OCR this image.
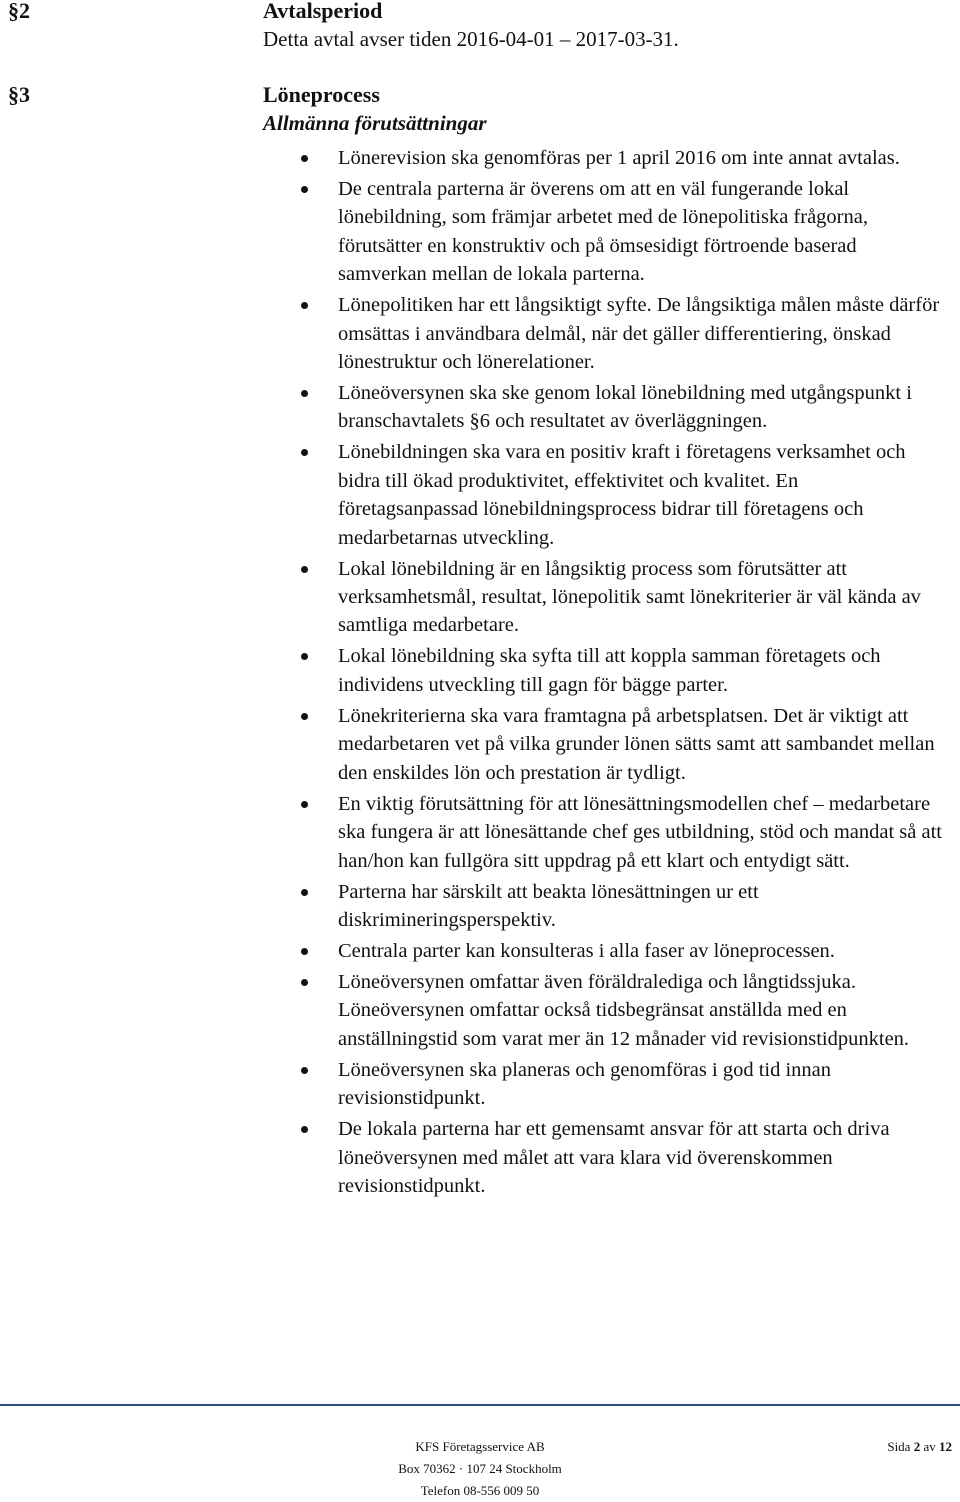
§2	Avtalsperiod
Detta avtal avser tiden 2016-04-01 – 2017-03-31.
§3	Löneprocess
Allmänna förutsättningar
Lönerevision ska genomföras per 1 april 2016 om inte annat avtalas.
De centrala parterna är överens om att en väl fungerande lokal lönebildning, som främjar arbetet med de lönepolitiska frågorna, förutsätter en konstruktiv och på ömsesidigt förtroende baserad samverkan mellan de lokala parterna.
Lönepolitiken har ett långsiktigt syfte. De långsiktiga målen måste därför omsättas i användbara delmål, när det gäller differentiering, önskad lönestruktur och lönerelationer.
Löneöversynen ska ske genom lokal lönebildning med utgångspunkt i branschavtalets §6 och resultatet av överläggningen.
Lönebildningen ska vara en positiv kraft i företagens verksamhet och bidra till ökad produktivitet, effektivitet och kvalitet. En företagsanpassad lönebildningsprocess bidrar till företagens och medarbetarnas utveckling.
Lokal lönebildning är en långsiktig process som förutsätter att verksamhetsmål, resultat, lönepolitik samt lönekriterier är väl kända av samtliga medarbetare.
Lokal lönebildning ska syfta till att koppla samman företagets och individens utveckling till gagn för bägge parter.
Lönekriterierna ska vara framtagna på arbetsplatsen. Det är viktigt att medarbetaren vet på vilka grunder lönen sätts samt att sambandet mellan den enskildes lön och prestation är tydligt.
En viktig förutsättning för att lönesättningsmodellen chef – medarbetare ska fungera är att lönesättande chef ges utbildning, stöd och mandat så att han/hon kan fullgöra sitt uppdrag på ett klart och entydigt sätt.
Parterna har särskilt att beakta lönesättningen ur ett diskrimineringsperspektiv.
Centrala parter kan konsulteras i alla faser av löneprocessen.
Löneöversynen omfattar även föräldralediga och långtidssjuka. Löneöversynen omfattar också tidsbegränsat anställda med en anställningstid som varat mer än 12 månader vid revisionstidpunkten.
Löneöversynen ska planeras och genomföras i god tid innan revisionstidpunkt.
De lokala parterna har ett gemensamt ansvar för att starta och driva löneöversynen med målet att vara klara vid överenskommen revisionstidpunkt.
KFS Företagsservice AB
Box 70362 · 107 24 Stockholm
Telefon 08-556 009 50
Sida 2 av 12
